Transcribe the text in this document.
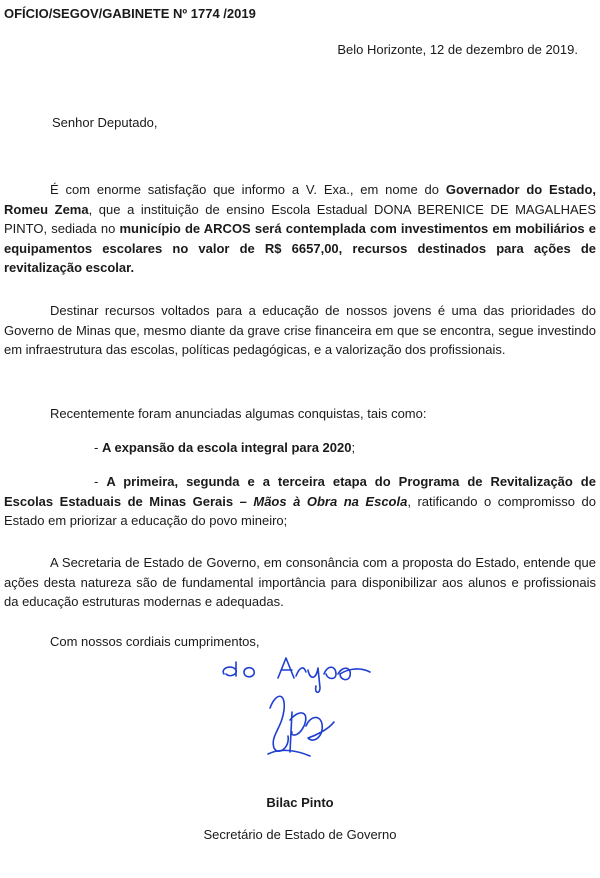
OFÍCIO/SEGOV/GABINETE Nº 1774 /2019
Belo Horizonte, 12 de dezembro de 2019.
Senhor Deputado,

É com enorme satisfação que informo a V. Exa., em nome do Governador do Estado, Romeu Zema, que a instituição de ensino Escola Estadual DONA BERENICE DE MAGALHAES PINTO, sediada no município de ARCOS será contemplada com investimentos em mobiliários e equipamentos escolares no valor de R$ 6657,00, recursos destinados para ações de revitalização escolar.

Destinar recursos voltados para a educação de nossos jovens é uma das prioridades do Governo de Minas que, mesmo diante da grave crise financeira em que se encontra, segue investindo em infraestrutura das escolas, políticas pedagógicas, e a valorização dos profissionais.

Recentemente foram anunciadas algumas conquistas, tais como:

- A expansão da escola integral para 2020;

- A primeira, segunda e a terceira etapa do Programa de Revitalização de Escolas Estaduais de Minas Gerais – Mãos à Obra na Escola, ratificando o compromisso do Estado em priorizar a educação do povo mineiro;

A Secretaria de Estado de Governo, em consonância com a proposta do Estado, entende que ações desta natureza são de fundamental importância para disponibilizar aos alunos e profissionais da educação estruturas modernas e adequadas.

Com nossos cordiais cumprimentos,

Bilac Pinto
Secretário de Estado de Governo
